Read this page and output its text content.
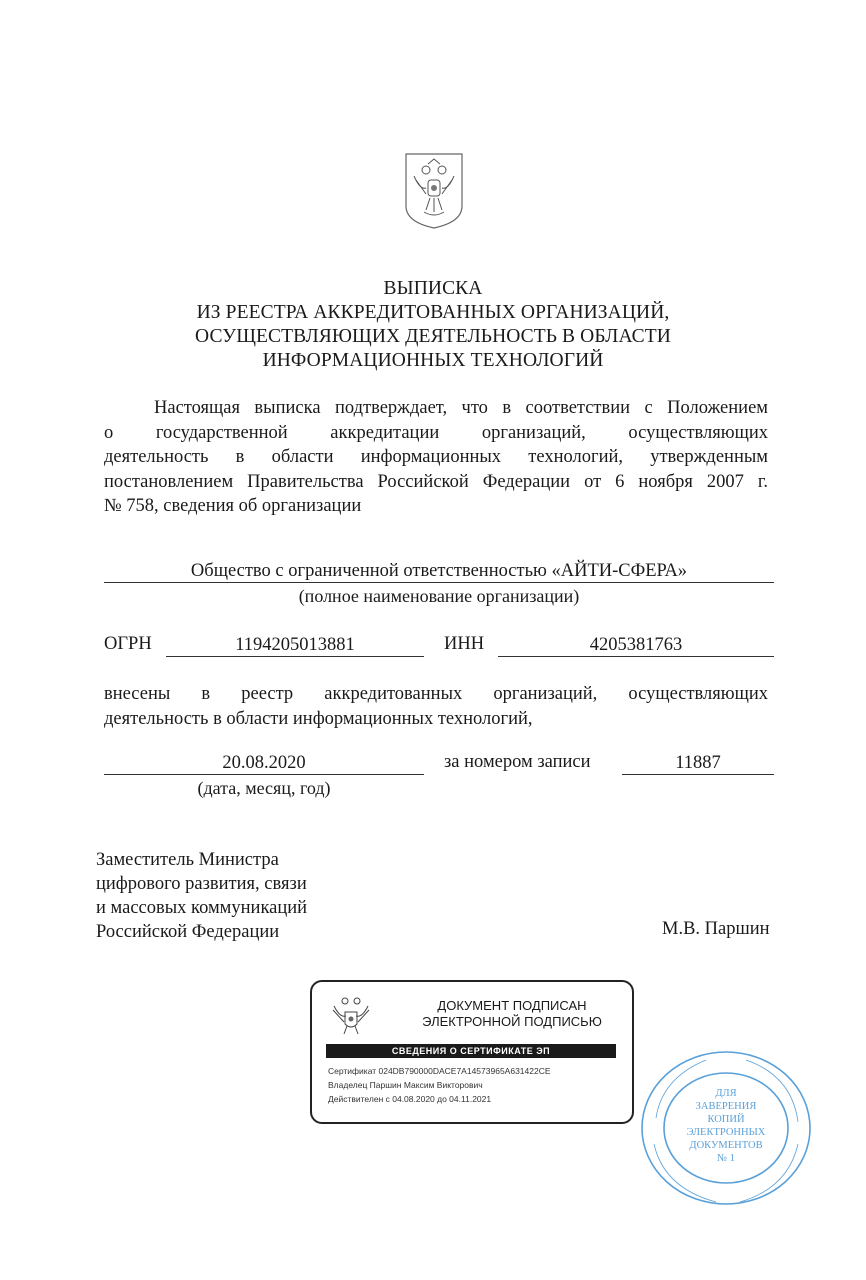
ВЫПИСКА
ИЗ РЕЕСТРА АККРЕДИТОВАННЫХ ОРГАНИЗАЦИЙ,
ОСУЩЕСТВЛЯЮЩИХ ДЕЯТЕЛЬНОСТЬ В ОБЛАСТИ
ИНФОРМАЦИОННЫХ ТЕХНОЛОГИЙ
Настоящая выписка подтверждает, что в соответствии с Положением
о государственной аккредитации организаций, осуществляющих
деятельность в области информационных технологий, утвержденным
постановлением Правительства Российской Федерации от 6 ноября 2007 г.
№ 758, сведения об организации
Общество с ограниченной ответственностью «АЙТИ-СФЕРА»
(полное наименование организации)
ОГРН	1194205013881	ИНН	4205381763
внесены в реестр аккредитованных организаций, осуществляющих
деятельность в области информационных технологий,
20.08.2020
(дата, месяц, год)
за номером записи	11887
Заместитель Министра
цифрового развития, связи
и массовых коммуникаций
Российской Федерации	М.В. Паршин
ДОКУМЕНТ ПОДПИСАН
ЭЛЕКТРОННОЙ ПОДПИСЬЮ
СВЕДЕНИЯ О СЕРТИФИКАТЕ ЭП
Сертификат 024DB790000DACE7A14573965A631422CE
Владелец Паршин Максим Викторович
Действителен с 04.08.2020 до 04.11.2021	ДЛЯ
ЗАВЕРЕНИЯ
КОПИЙ
ЭЛЕКТРОННЫХ
ДОКУМЕНТОВ
№ 1
